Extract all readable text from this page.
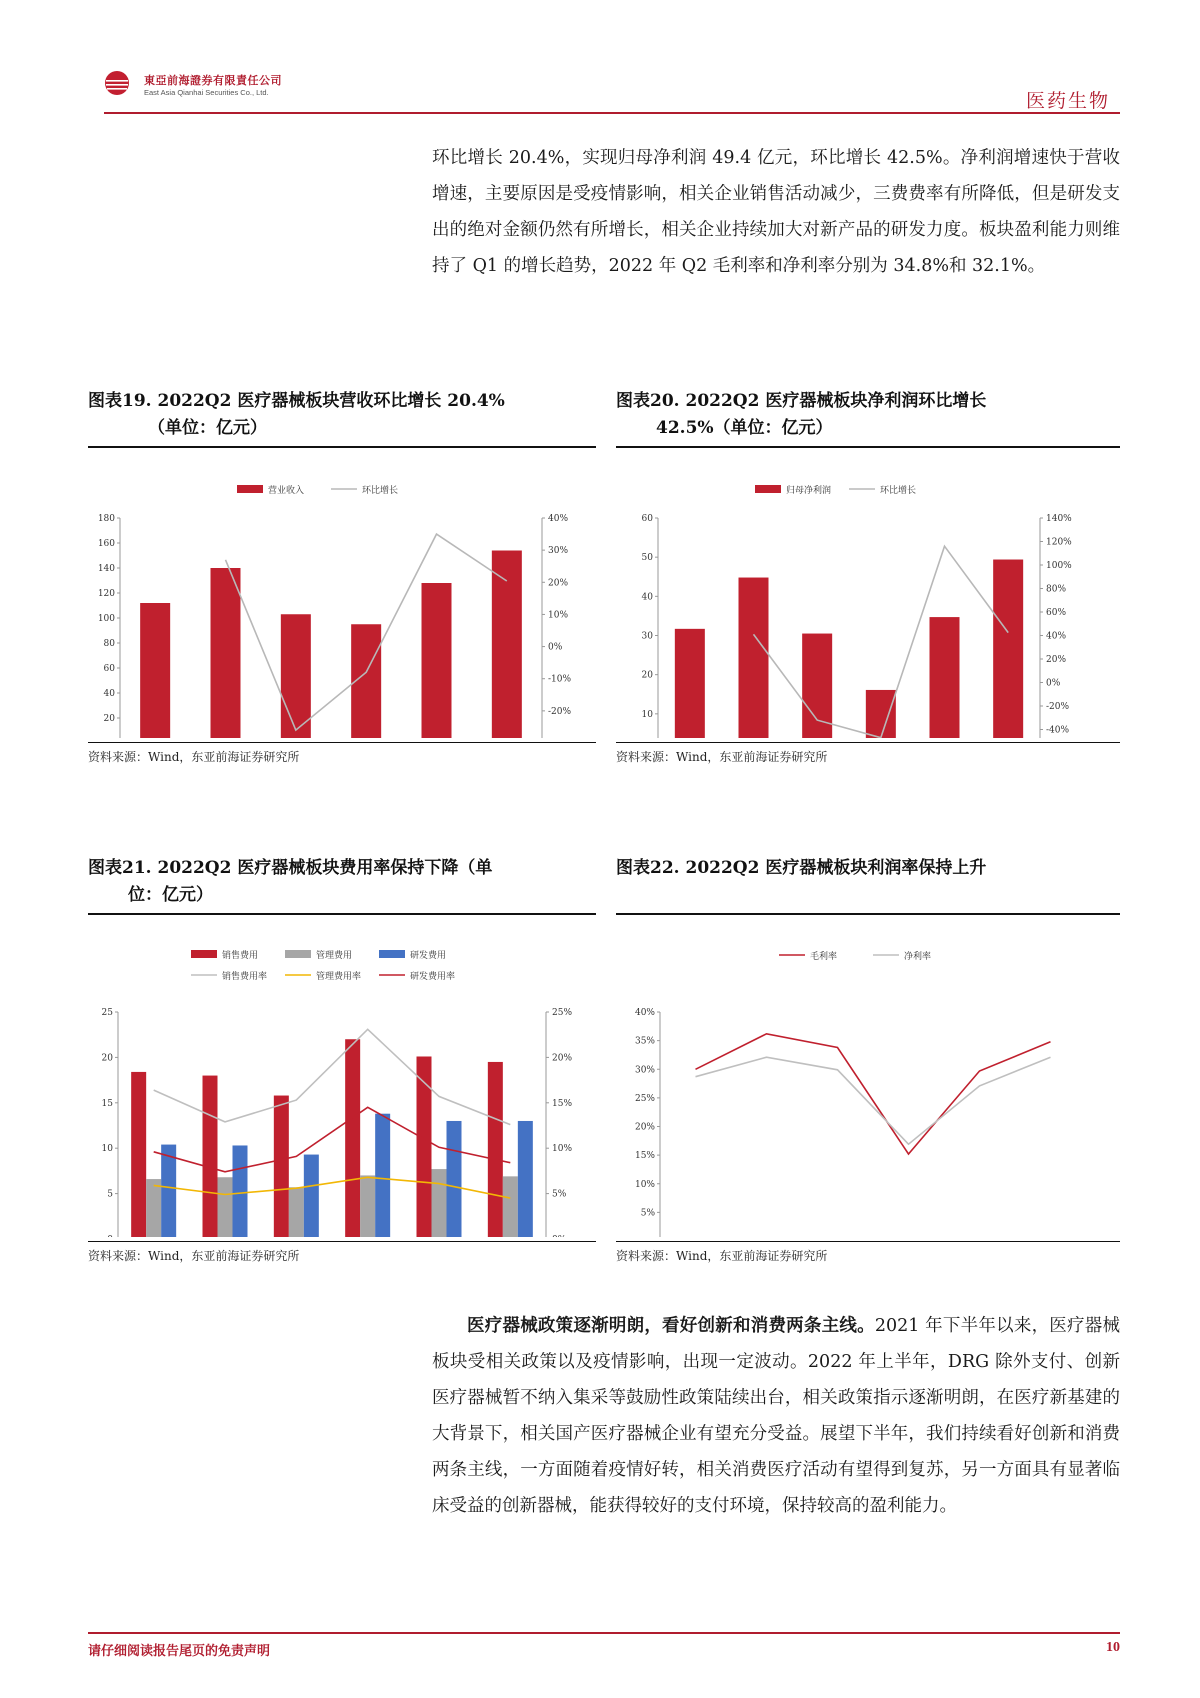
東亞前海證券有限責任公司
East Asia Qianhai Securities Co., Ltd.	医药生物
环比增长 20.4%，实现归母净利润 49.4 亿元，环比增长 42.5%。净利润增速快于营收增速，主要原因是受疫情影响，相关企业销售活动减少，三费费率有所降低，但是研发支出的绝对金额仍然有所增长，相关企业持续加大对新产品的研发力度。板块盈利能力则维持了 Q1 的增长趋势，2022 年 Q2 毛利率和净利率分别为 34.8%和 32.1%。
图表19. 2022Q2 医疗器械板块营收环比增长 20.4%
（单位：亿元）
180
160
140
120
100
80
60
40
20
40%
30%
20%
10%
0%
-10%
-20%
营业收入	环比增长
资料来源：Wind，东亚前海证券研究所
图表20. 2022Q2 医疗器械板块净利润环比增长
42.5%（单位：亿元）
60
50
40
30
20
10
140%
120%
100%
80%
60%
40%
20%
0%
-20%
-40%
归母净利润	环比增长
资料来源：Wind，东亚前海证券研究所
图表21. 2022Q2 医疗器械板块费用率保持下降（单
位：亿元）
25
20
15
10
5
25%
20%
15%
10%
5%
销售费用	管理费用	研发费用
销售费用率	管理费用率	研发费用率
资料来源：Wind，东亚前海证券研究所
图表22. 2022Q2 医疗器械板块利润率保持上升
40%
35%
30%
25%
20%
15%
10%
5%
毛利率	净利率
资料来源：Wind，东亚前海证券研究所
医疗器械政策逐渐明朗，看好创新和消费两条主线。2021 年下半年以来，医疗器械板块受相关政策以及疫情影响，出现一定波动。2022 年上半年，DRG 除外支付、创新医疗器械暂不纳入集采等鼓励性政策陆续出台，相关政策指示逐渐明朗，在医疗新基建的大背景下，相关国产医疗器械企业有望充分受益。展望下半年，我们持续看好创新和消费两条主线，一方面随着疫情好转，相关消费医疗活动有望得到复苏，另一方面具有显著临床受益的创新器械，能获得较好的支付环境，保持较高的盈利能力。
请仔细阅读报告尾页的免责声明	10
